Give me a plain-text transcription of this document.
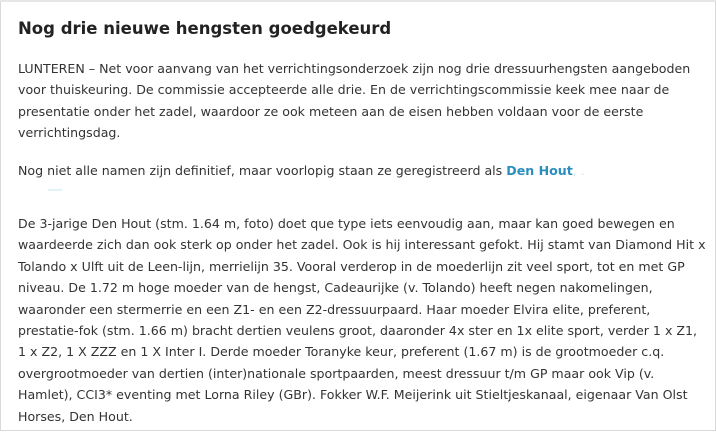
Nog drie nieuwe hengsten goedgekeurd

LUNTEREN – Net voor aanvang van het verrichtingsonderzoek zijn nog drie dressuurhengsten aangeboden voor thuiskeuring. De commissie accepteerde alle drie. En de verrichtingscommissie keek mee naar de presentatie onder het zadel, waardoor ze ook meteen aan de eisen hebben voldaan voor de eerste verrichtingsdag.

Nog niet alle namen zijn definitief, maar voorlopig staan ze geregistreerd als Den Hout, .

De 3-jarige Den Hout (stm. 1.64 m, foto) doet que type iets eenvoudig aan, maar kan goed bewegen en waardeerde zich dan ook sterk op onder het zadel. Ook is hij interessant gefokt. Hij stamt van Diamond Hit x Tolando x Ulft uit de Leen-lijn, merrielijn 35. Vooral verderop in de moederlijn zit veel sport, tot en met GP niveau. De 1.72 m hoge moeder van de hengst, Cadeaurijke (v. Tolando) heeft negen nakomelingen, waaronder een stermerrie en een Z1- en een Z2-dressuurpaard. Haar moeder Elvira elite, preferent, prestatie-fok (stm. 1.66 m) bracht dertien veulens groot, daaronder 4x ster en 1x elite sport, verder 1 x Z1, 1 x Z2, 1 X ZZZ en 1 X Inter I. Derde moeder Toranyke keur, preferent (1.67 m) is de grootmoeder c.q. overgrootmoeder van dertien (inter)nationale sportpaarden, meest dressuur t/m GP maar ook Vip (v. Hamlet), CCI3* eventing met Lorna Riley (GBr). Fokker W.F. Meijerink uit Stieltjeskanaal, eigenaar Van Olst Horses, Den Hout.
